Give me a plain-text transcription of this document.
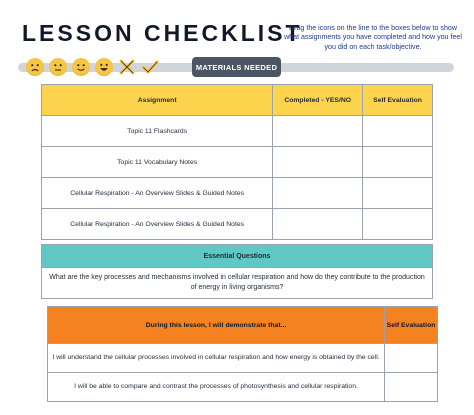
LESSON CHECKLIST
Drag the icons on the line to the boxes below to show what assignments you have completed and how you feel you did on each task/objective.
MATERIALS NEEDED
Assignment	Completed - YES/NO	Self Evaluation
Topic 11 Flashcards		
Topic 11 Vocabulary Notes		
Cellular Respiration - An Overview Slides & Guided Notes		
Cellular Respiration - An Overview Slides & Guided Notes		
Essential Questions
What are the key processes and mechanisms involved in cellular respiration and how do they contribute to the production of energy in living organisms?
During this lesson, I will demonstrate that...	Self Evaluation
I will understand the cellular processes involved in cellular respiration and how energy is obtained by the cell.	
I will be able to compare and contrast the processes of photosynthesis and cellular respiration.	
